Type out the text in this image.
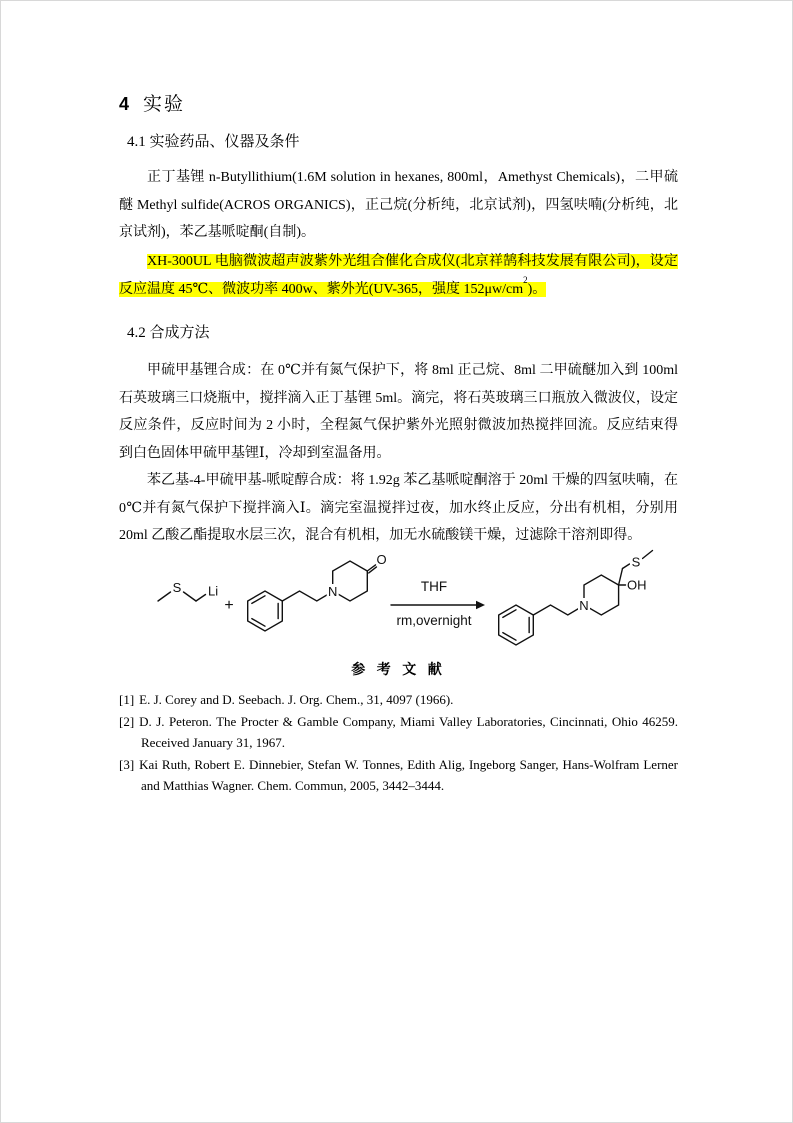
4 实验
4.1 实验药品、仪器及条件

正丁基锂 n-Butyllithium(1.6M solution in hexanes, 800ml，Amethyst Chemicals)，二甲硫醚 Methyl sulfide(ACROS ORGANICS)，正己烷(分析纯，北京试剂)，四氢呋喃(分析纯，北京试剂)，苯乙基哌啶酮(自制)。

XH-300UL 电脑微波超声波紫外光组合催化合成仪(北京祥鹄科技发展有限公司)，设定反应温度 45℃、微波功率 400w、紫外光(UV-365，强度 $152\mu w/cm^2$)。

4.2 合成方法

甲硫甲基锂合成：在 0℃并有氮气保护下，将 8ml 正己烷、8ml 二甲硫醚加入到 100ml 石英玻璃三口烧瓶中，搅拌滴入正丁基锂 5ml。滴完，将石英玻璃三口瓶放入微波仪，设定反应条件，反应时间为 2 小时，全程氮气保护紫外光照射微波加热搅拌回流。反应结束得到白色固体甲硫甲基锂Ⅰ，冷却到室温备用。

苯乙基-4-甲硫甲基-哌啶醇合成：将 1.92g 苯乙基哌啶酮溶于 20ml 干燥的四氢呋喃，在 0℃并有氮气保护下搅拌滴入Ⅰ。滴完室温搅拌过夜，加水终止反应，分出有机相，分别用 20ml 乙酸乙酯提取水层三次，混合有机相，加无水硫酸镁干燥，过滤除干溶剂即得。

S Li
+
N
O
THF
rm,overnight
N
S
OH
参 考 文 献

[1] E. J. Corey and D. Seebach. J. Org. Chem., 31, 4097 (1966).

[2] D. J. Peteron. The Procter & Gamble Company, Miami Valley Laboratories, Cincinnati, Ohio 46259. Received January 31, 1967.

[3] Kai Ruth, Robert E. Dinnebier, Stefan W. Tonnes, Edith Alig, Ingeborg Sanger, Hans-Wolfram Lerner and Matthias Wagner. Chem. Commun, 2005, 3442–3444.
